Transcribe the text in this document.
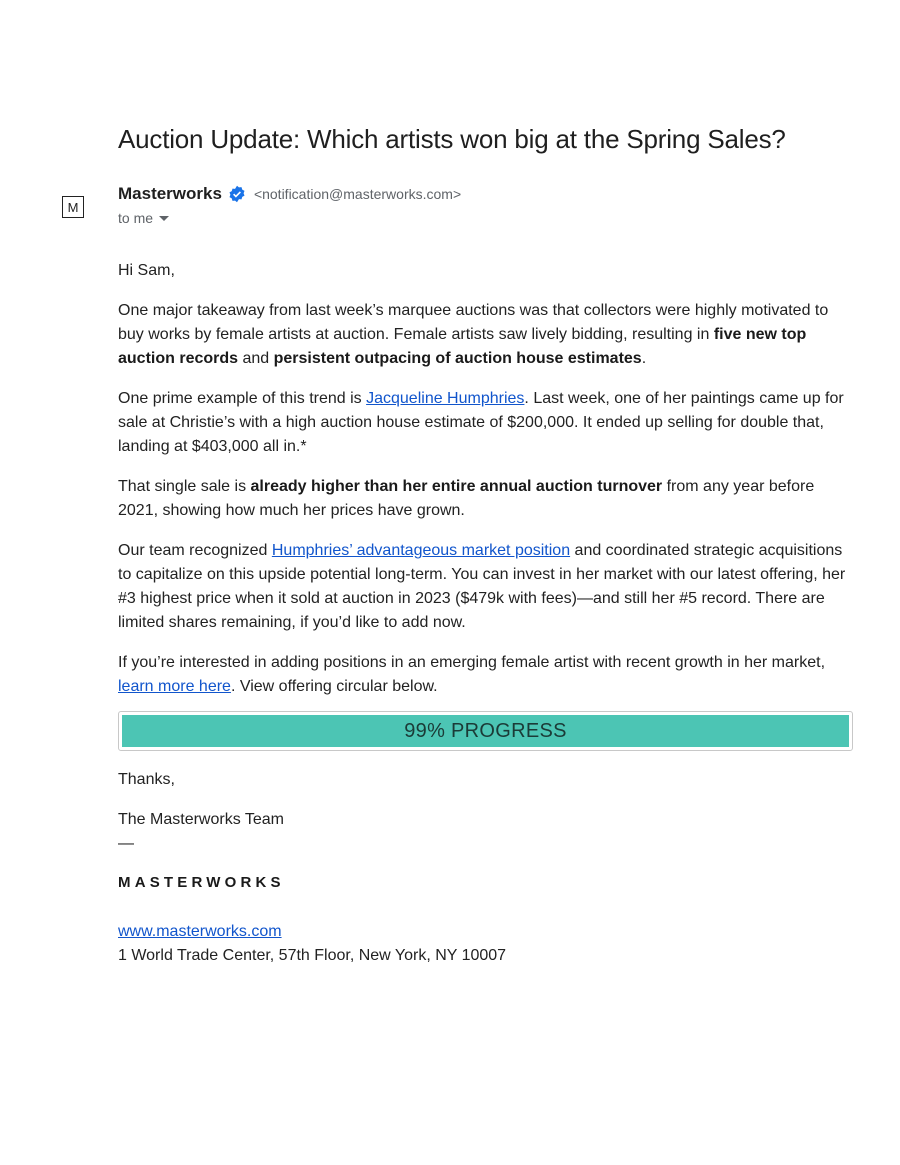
Auction Update: Which artists won big at the Spring Sales?
M
Masterworks <notification@masterworks.com>
to me

Hi Sam,

One major takeaway from last week’s marquee auctions was that collectors were highly motivated to buy works by female artists at auction. Female artists saw lively bidding, resulting in five new top auction records and persistent outpacing of auction house estimates.

One prime example of this trend is Jacqueline Humphries. Last week, one of her paintings came up for sale at Christie’s with a high auction house estimate of $200,000. It ended up selling for double that, landing at $403,000 all in.*

That single sale is already higher than her entire annual auction turnover from any year before 2021, showing how much her prices have grown.

Our team recognized Humphries’ advantageous market position and coordinated strategic acquisitions to capitalize on this upside potential long-term. You can invest in her market with our latest offering, her #3 highest price when it sold at auction in 2023 ($479k with fees)—and still her #5 record. There are limited shares remaining, if you’d like to add now.

If you’re interested in adding positions in an emerging female artist with recent growth in her market, learn more here. View offering circular below.

99% PROGRESS
Thanks,
The Masterworks Team
—
MASTERWORKS
www.masterworks.com
1 World Trade Center, 57th Floor, New York, NY 10007
